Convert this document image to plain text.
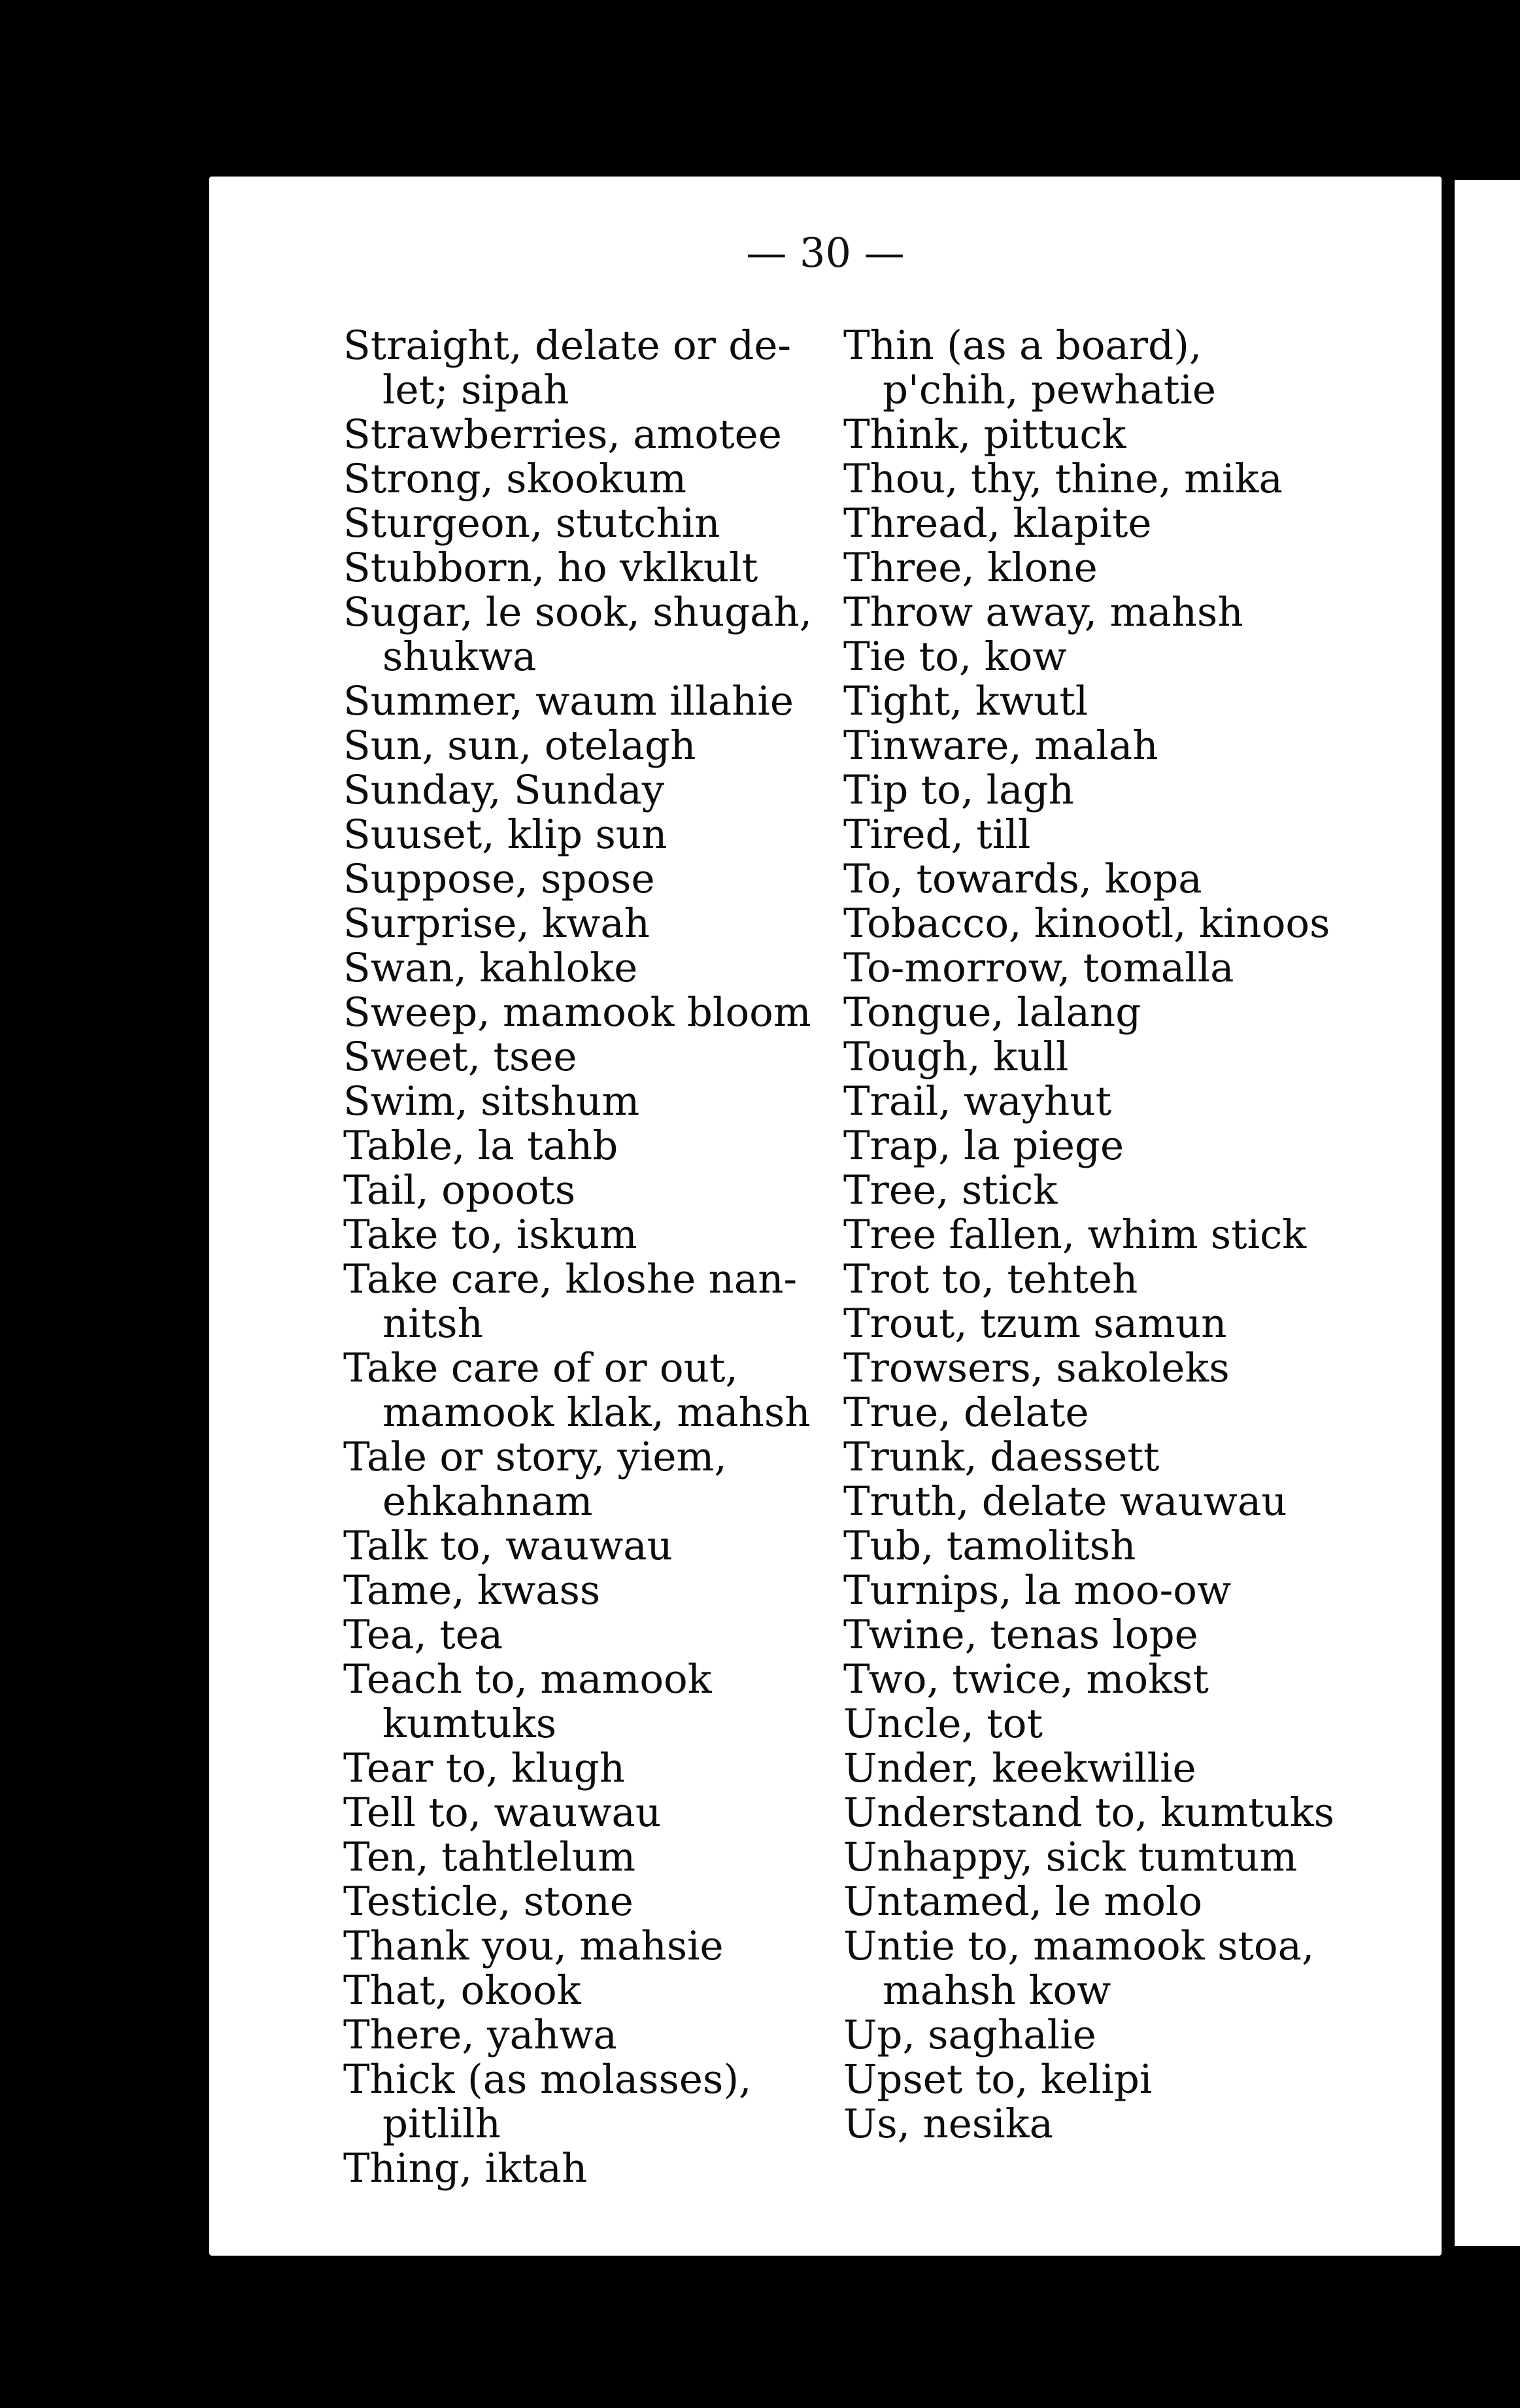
— 30 —

Straight, delate or de-let; sipah

Strawberries, amotee

Strong, skookum

Sturgeon, stutchin

Stubborn, ho vklkult

Sugar, le sook, shugah, shukwa

Summer, waum illahie

Sun, sun, otelagh

Sunday, Sunday

Suuset, klip sun

Suppose, spose

Surprise, kwah

Swan, kahloke

Sweep, mamook bloom

Sweet, tsee

Swim, sitshum

Table, la tahb

Tail, opoots

Take to, iskum

Take care, kloshe nan-nitsh

Take care of or out, mamook klak, mahsh

Tale or story, yiem, ehkahnam

Talk to, wauwau

Tame, kwass

Tea, tea

Teach to, mamook kumtuks

Tear to, klugh

Tell to, wauwau

Ten, tahtlelum

Testicle, stone

Thank you, mahsie

That, okook

There, yahwa

Thick (as molasses), pitlilh

Thing, iktah

Thin (as a board), p'chih, pewhatie

Think, pittuck

Thou, thy, thine, mika

Thread, klapite

Three, klone

Throw away, mahsh

Tie to, kow

Tight, kwutl

Tinware, malah

Tip to, lagh

Tired, till

To, towards, kopa

Tobacco, kinootl, kinoos

To-morrow, tomalla

Tongue, lalang

Tough, kull

Trail, wayhut

Trap, la piege

Tree, stick

Tree fallen, whim stick

Trot to, tehteh

Trout, tzum samun

Trowsers, sakoleks

True, delate

Trunk, daessett

Truth, delate wauwau

Tub, tamolitsh

Turnips, la moo-ow

Twine, tenas lope

Two, twice, mokst

Uncle, tot

Under, keekwillie

Understand to, kumtuks

Unhappy, sick tumtum

Untamed, le molo

Untie to, mamook stoa, mahsh kow

Up, saghalie

Upset to, kelipi

Us, nesika
